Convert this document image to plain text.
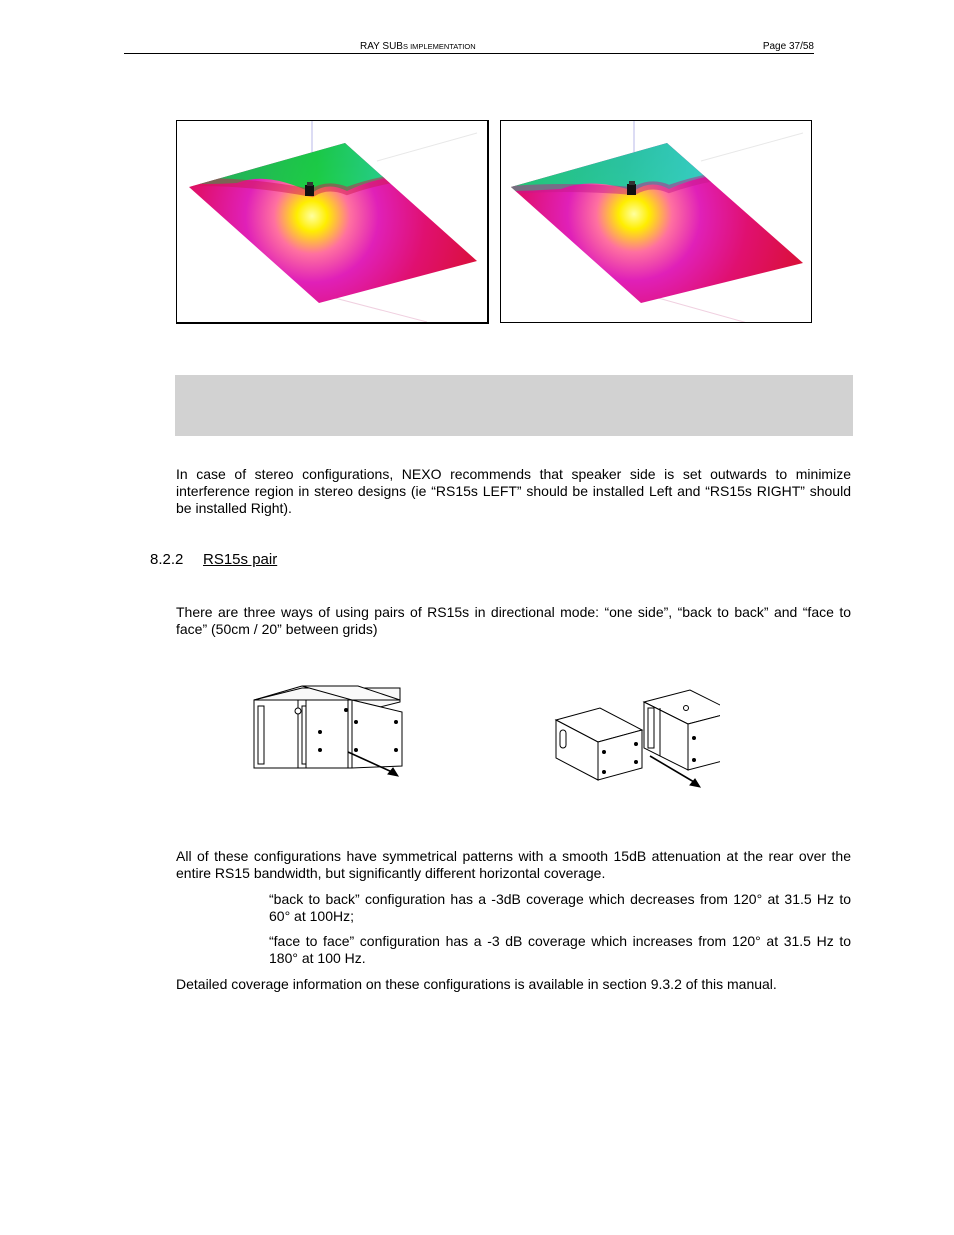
RAY SUBS IMPLEMENTATION	Page 37/58

In case of stereo configurations, NEXO recommends that speaker side is set outwards to minimize interference region in stereo designs (ie “RS15s LEFT” should be installed Left and “RS15s RIGHT” should be installed Right).

8.2.2 RS15s pair

There are three ways of using pairs of RS15s in directional mode: “one side”, “back to back” and “face to face” (50cm / 20” between grids)

All of these configurations have symmetrical patterns with a smooth 15dB attenuation at the rear over the entire RS15 bandwidth, but significantly different horizontal coverage.

“back to back” configuration has a -3dB coverage which decreases from 120° at 31.5 Hz to 60° at 100Hz;

“face to face” configuration has a -3 dB coverage which increases from 120° at 31.5 Hz to 180° at 100 Hz.

Detailed coverage information on these configurations is available in section 9.3.2 of this manual.
